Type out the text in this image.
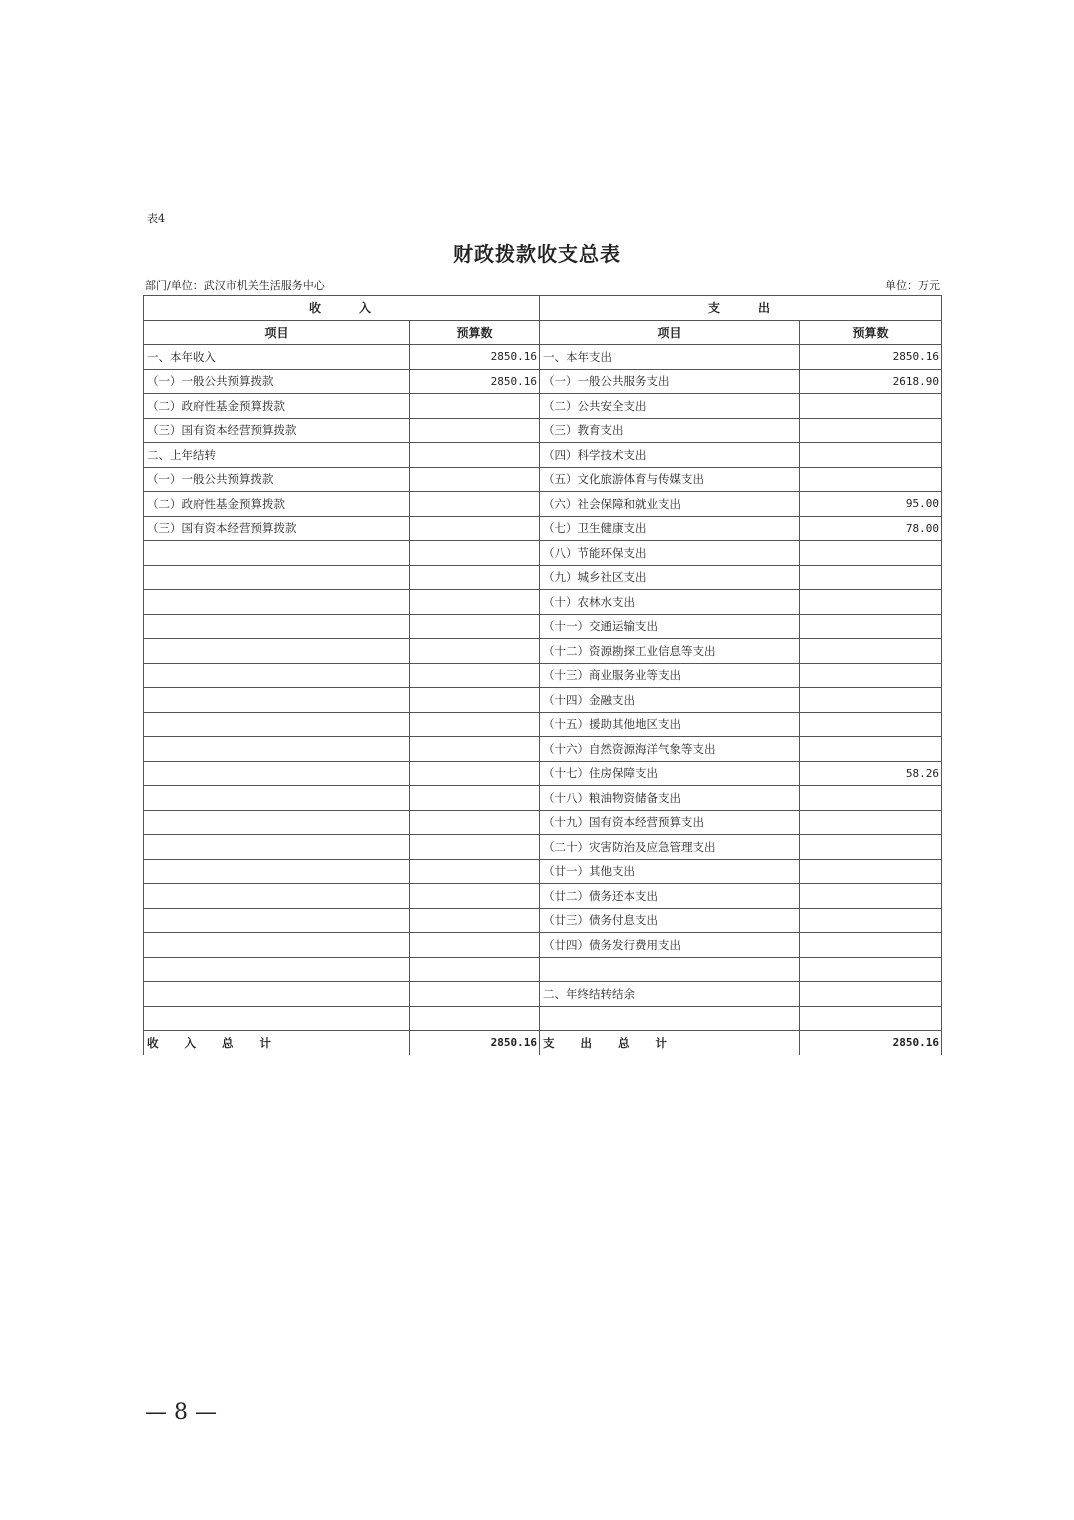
表4
财政拨款收支总表
部门/单位：武汉市机关生活服务中心	单位：万元
收入		支出	
项目	预算数	项目	预算数
一、本年收入	2850.16	一、本年支出	2850.16
（一）一般公共预算拨款	2850.16	（一）一般公共服务支出	2618.90
（二）政府性基金预算拨款		（二）公共安全支出	
（三）国有资本经营预算拨款		（三）教育支出	
二、上年结转		（四）科学技术支出	
（一）一般公共预算拨款		（五）文化旅游体育与传媒支出	
（二）政府性基金预算拨款		（六）社会保障和就业支出	95.00
（三）国有资本经营预算拨款		（七）卫生健康支出	78.00
		（八）节能环保支出	
		（九）城乡社区支出	
		（十）农林水支出	
		（十一）交通运输支出	
		（十二）资源勘探工业信息等支出	
		（十三）商业服务业等支出	
		（十四）金融支出	
		（十五）援助其他地区支出	
		（十六）自然资源海洋气象等支出	
		（十七）住房保障支出	58.26
		（十八）粮油物资储备支出	
		（十九）国有资本经营预算支出	
		（二十）灾害防治及应急管理支出	
		（廿一）其他支出	
		（廿二）债务还本支出	
		（廿三）债务付息支出	
		（廿四）债务发行费用支出	

		二、年终结转结余	

收入总计	2850.16	支出总计	2850.16
— 8 —
